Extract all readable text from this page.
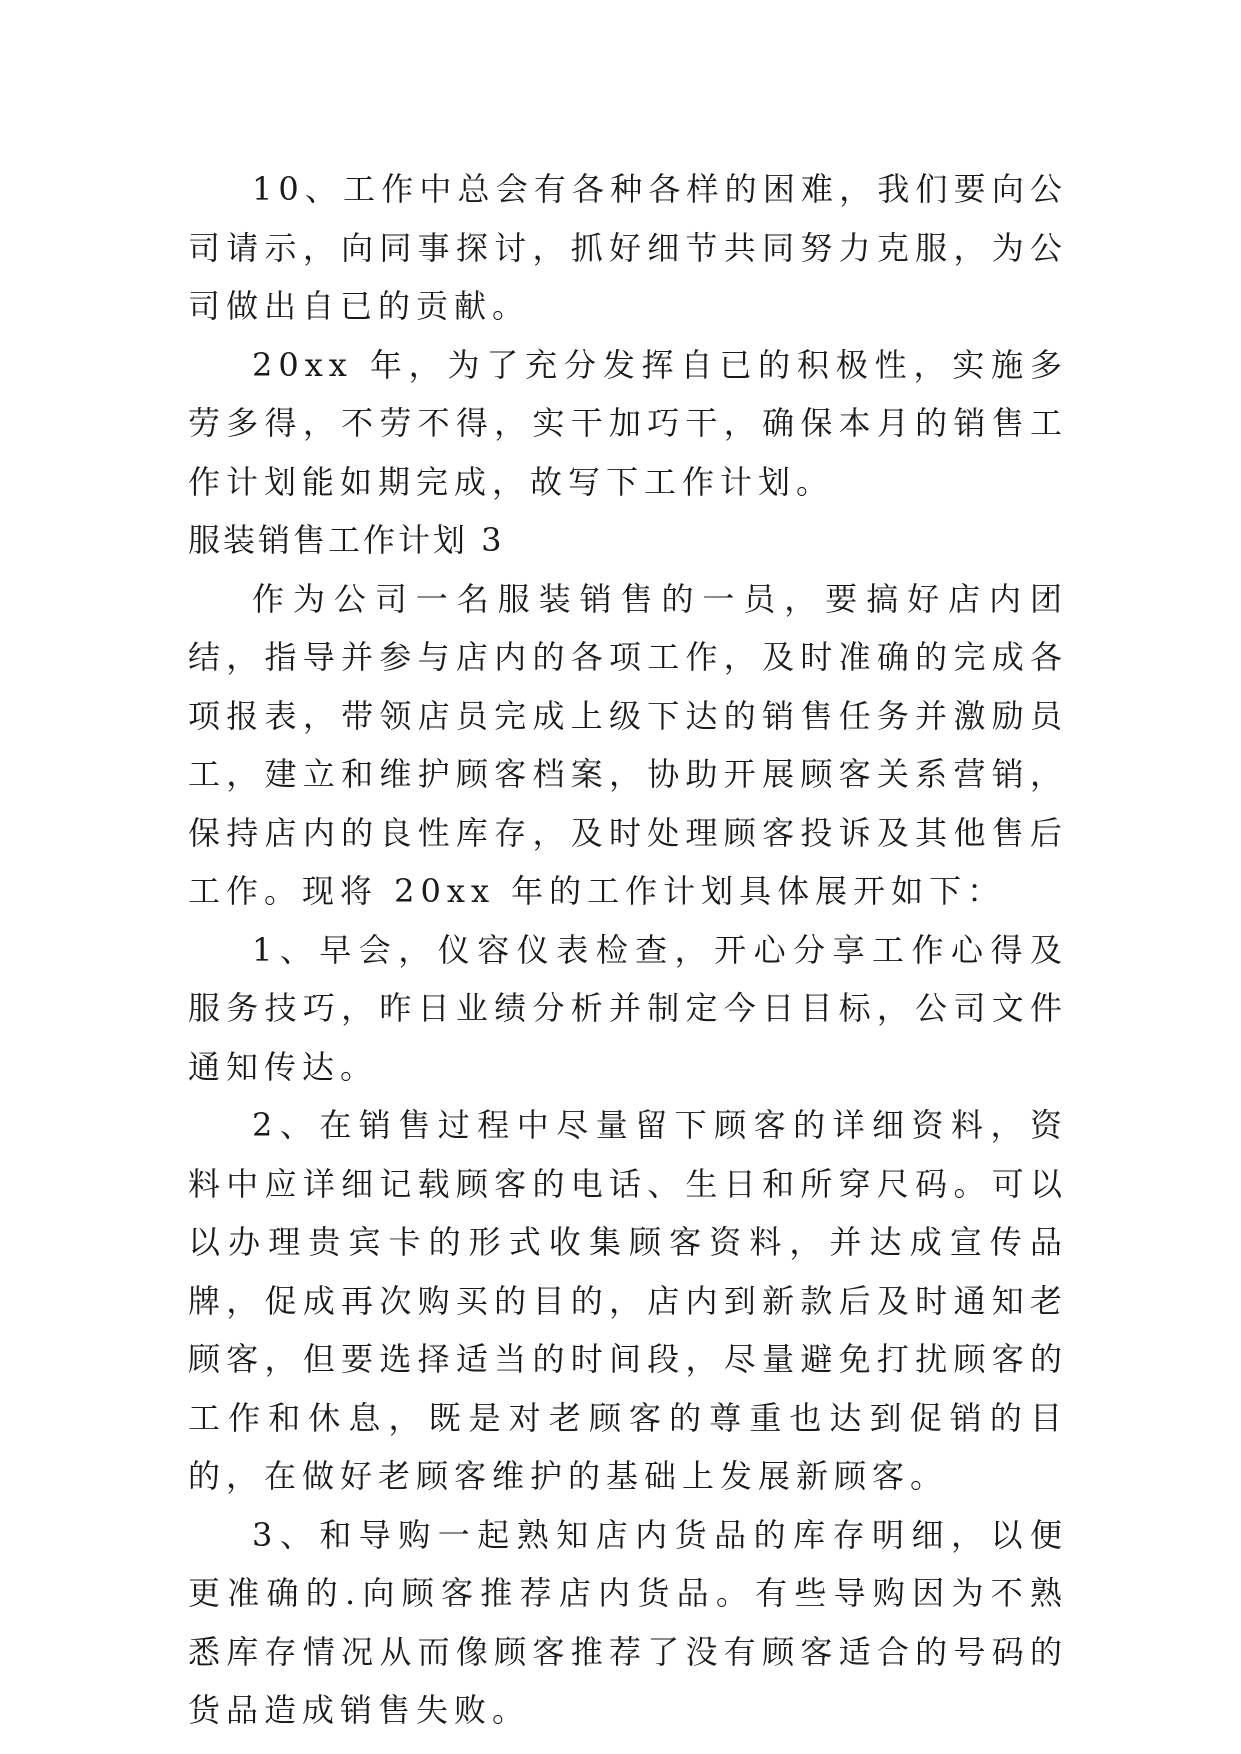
10、工作中总会有各种各样的困难，我们要向公司请示，向同事探讨，抓好细节共同努力克服，为公司做出自已的贡献。

20xx 年，为了充分发挥自已的积极性，实施多劳多得，不劳不得，实干加巧干，确保本月的销售工作计划能如期完成，故写下工作计划。

服装销售工作计划 3

作为公司一名服装销售的一员，要搞好店内团结，指导并参与店内的各项工作，及时准确的完成各项报表，带领店员完成上级下达的销售任务并激励员工，建立和维护顾客档案，协助开展顾客关系营销，保持店内的良性库存，及时处理顾客投诉及其他售后工作。现将 20xx 年的工作计划具体展开如下：

1、早会，仪容仪表检查，开心分享工作心得及服务技巧，昨日业绩分析并制定今日目标，公司文件通知传达。

2、在销售过程中尽量留下顾客的详细资料，资料中应详细记载顾客的电话、生日和所穿尺码。可以以办理贵宾卡的形式收集顾客资料，并达成宣传品牌，促成再次购买的目的，店内到新款后及时通知老顾客，但要选择适当的时间段，尽量避免打扰顾客的工作和休息，既是对老顾客的尊重也达到促销的目的，在做好老顾客维护的基础上发展新顾客。

3、和导购一起熟知店内货品的库存明细，以便更准确的.向顾客推荐店内货品。有些导购因为不熟悉库存情况从而像顾客推荐了没有顾客适合的号码的货品造成销售失败。
